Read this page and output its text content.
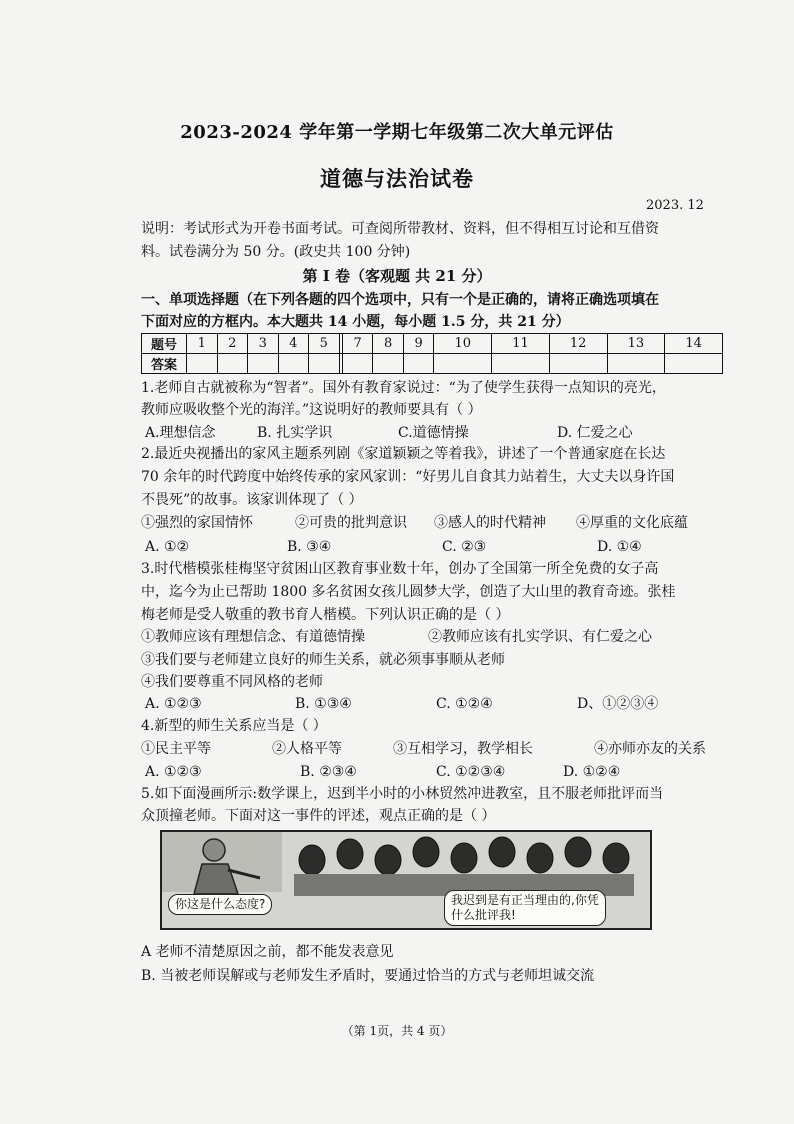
2023-2024 学年第一学期七年级第二次大单元评估
道德与法治试卷
2023. 12
说明：考试形式为开卷书面考试。可查阅所带教材、资料，但不得相互讨论和互借资
料。试卷满分为 50 分。(政史共 100 分钟)
第 I 卷（客观题 共 21 分）
一、单项选择题（在下列各题的四个选项中，只有一个是正确的，请将正确选项填在
下面对应的方框内。本大题共 14 小题，每小题 1.5 分，共 21 分）
题号	1	2	3	4	5		7	8	9	10	11	12	13	14
答案														
1.老师自古就被称为“智者”。国外有教育家说过：“为了使学生获得一点知识的亮光，
教师应吸收整个光的海洋。”这说明好的教师要具有（ ）
A.理想信念	B. 扎实学识	C.道德情操	D. 仁爱之心
2.最近央视播出的家风主题系列剧《家道颖颖之等着我》，讲述了一个普通家庭在长达
70 余年的时代跨度中始终传承的家风家训：“好男儿自食其力站着生，大丈夫以身许国
不畏死”的故事。该家训体现了（ ）
①强烈的家国情怀	②可贵的批判意识 ③感人的时代精神 ④厚重的文化底蕴
A. ①②	B. ③④	C. ②③	D. ①④
3.时代楷模张桂梅坚守贫困山区教育事业数十年，创办了全国第一所全免费的女子高
中，迄今为止已帮助 1800 多名贫困女孩儿圆梦大学，创造了大山里的教育奇迹。张桂
梅老师是受人敬重的教书育人楷模。下列认识正确的是（ ）
①教师应该有理想信念、有道德情操	②教师应该有扎实学识、有仁爱之心
③我们要与老师建立良好的师生关系，就必须事事顺从老师
④我们要尊重不同风格的老师
A. ①②③	B. ①③④	C. ①②④	D、①②③④
4.新型的师生关系应当是（ ）
①民主平等	②人格平等	③互相学习，教学相长	④亦师亦友的关系
A. ①②③	B. ②③④	C. ①②③④	D. ①②④
5.如下面漫画所示:数学课上，迟到半小时的小林贸然冲进教室，且不服老师批评而当
众顶撞老师。下面对这一事件的评述，观点正确的是（ ）
你这是什么态度?	我迟到是有正当理由的,你凭
什么批评我!
A 老师不清楚原因之前，都不能发表意见
B. 当被老师误解或与老师发生矛盾时，要通过恰当的方式与老师坦诚交流
（第 1页，共 4 页）
